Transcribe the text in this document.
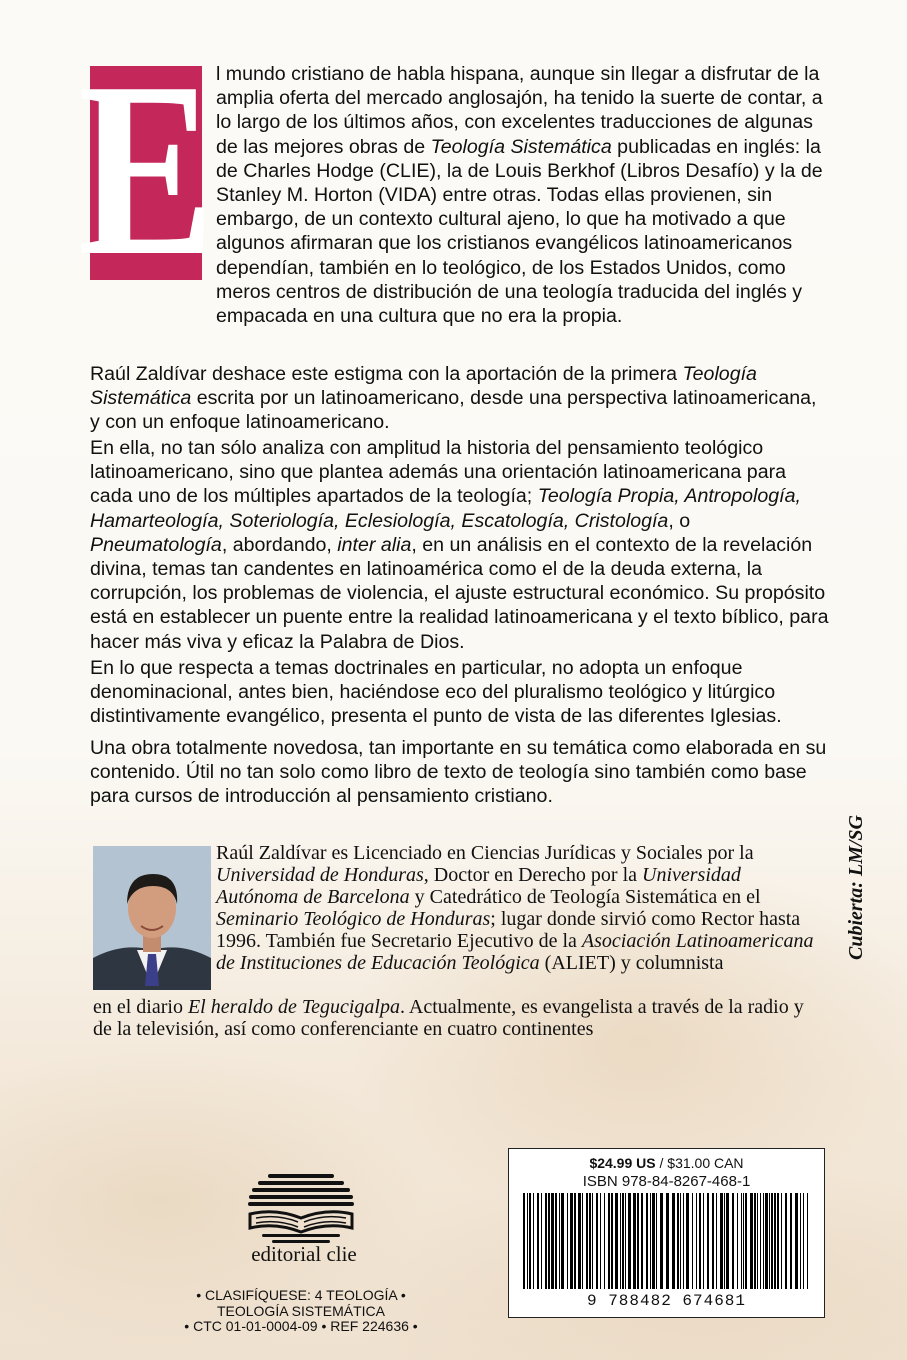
E l mundo cristiano de habla hispana, aunque sin llegar a disfrutar de la amplia oferta del mercado anglosajón, ha tenido la suerte de contar, a lo largo de los últimos años, con excelentes traducciones de algunas de las mejores obras de Teología Sistemática publicadas en inglés: la de Charles Hodge (CLIE), la de Louis Berkhof (Libros Desafío) y la de Stanley M. Horton (VIDA) entre otras. Todas ellas provienen, sin embargo, de un contexto cultural ajeno, lo que ha motivado a que algunos afirmaran que los cristianos evangélicos latinoamericanos dependían, también en lo teológico, de los Estados Unidos, como meros centros de distribución de una teología traducida del inglés y empacada en una cultura que no era la propia.

Raúl Zaldívar deshace este estigma con la aportación de la primera Teología Sistemática escrita por un latinoamericano, desde una perspectiva latinoamericana, y con un enfoque latinoamericano.

En ella, no tan sólo analiza con amplitud la historia del pensamiento teológico latinoamericano, sino que plantea además una orientación latinoamericana para cada uno de los múltiples apartados de la teología; Teología Propia, Antropología, Hamarteología, Soteriología, Eclesiología, Escatología, Cristología, o Pneumatología, abordando, inter alia, en un análisis en el contexto de la revelación divina, temas tan candentes en latinoamérica como el de la deuda externa, la corrupción, los problemas de violencia, el ajuste estructural económico. Su propósito está en establecer un puente entre la realidad latinoamericana y el texto bíblico, para hacer más viva y eficaz la Palabra de Dios.

En lo que respecta a temas doctrinales en particular, no adopta un enfoque denominacional, antes bien, haciéndose eco del pluralismo teológico y litúrgico distintivamente evangélico, presenta el punto de vista de las diferentes Iglesias.

Una obra totalmente novedosa, tan importante en su temática como elaborada en su contenido. Útil no tan solo como libro de texto de teología sino también como base para cursos de introducción al pensamiento cristiano.

Raúl Zaldívar es Licenciado en Ciencias Jurídicas y Sociales por la Universidad de Honduras, Doctor en Derecho por la Universidad Autónoma de Barcelona y Catedrático de Teología Sistemática en el Seminario Teológico de Honduras; lugar donde sirvió como Rector hasta 1996. También fue Secretario Ejecutivo de la Asociación Latinoamericana de Instituciones de Educación Teológica (ALIET) y columnista

en el diario El heraldo de Tegucigalpa. Actualmente, es evangelista a través de la radio y de la televisión, así como conferenciante en cuatro continentes

Cubierta: LM/SG
editorial clie
• CLASIFÍQUESE: 4 TEOLOGÍA •
TEOLOGÍA SISTEMÁTICA
• CTC 01-01-0004-09 • REF 224636 •
$24.99 US / $31.00 CAN
ISBN 978-84-8267-468-1
9 788482 674681
